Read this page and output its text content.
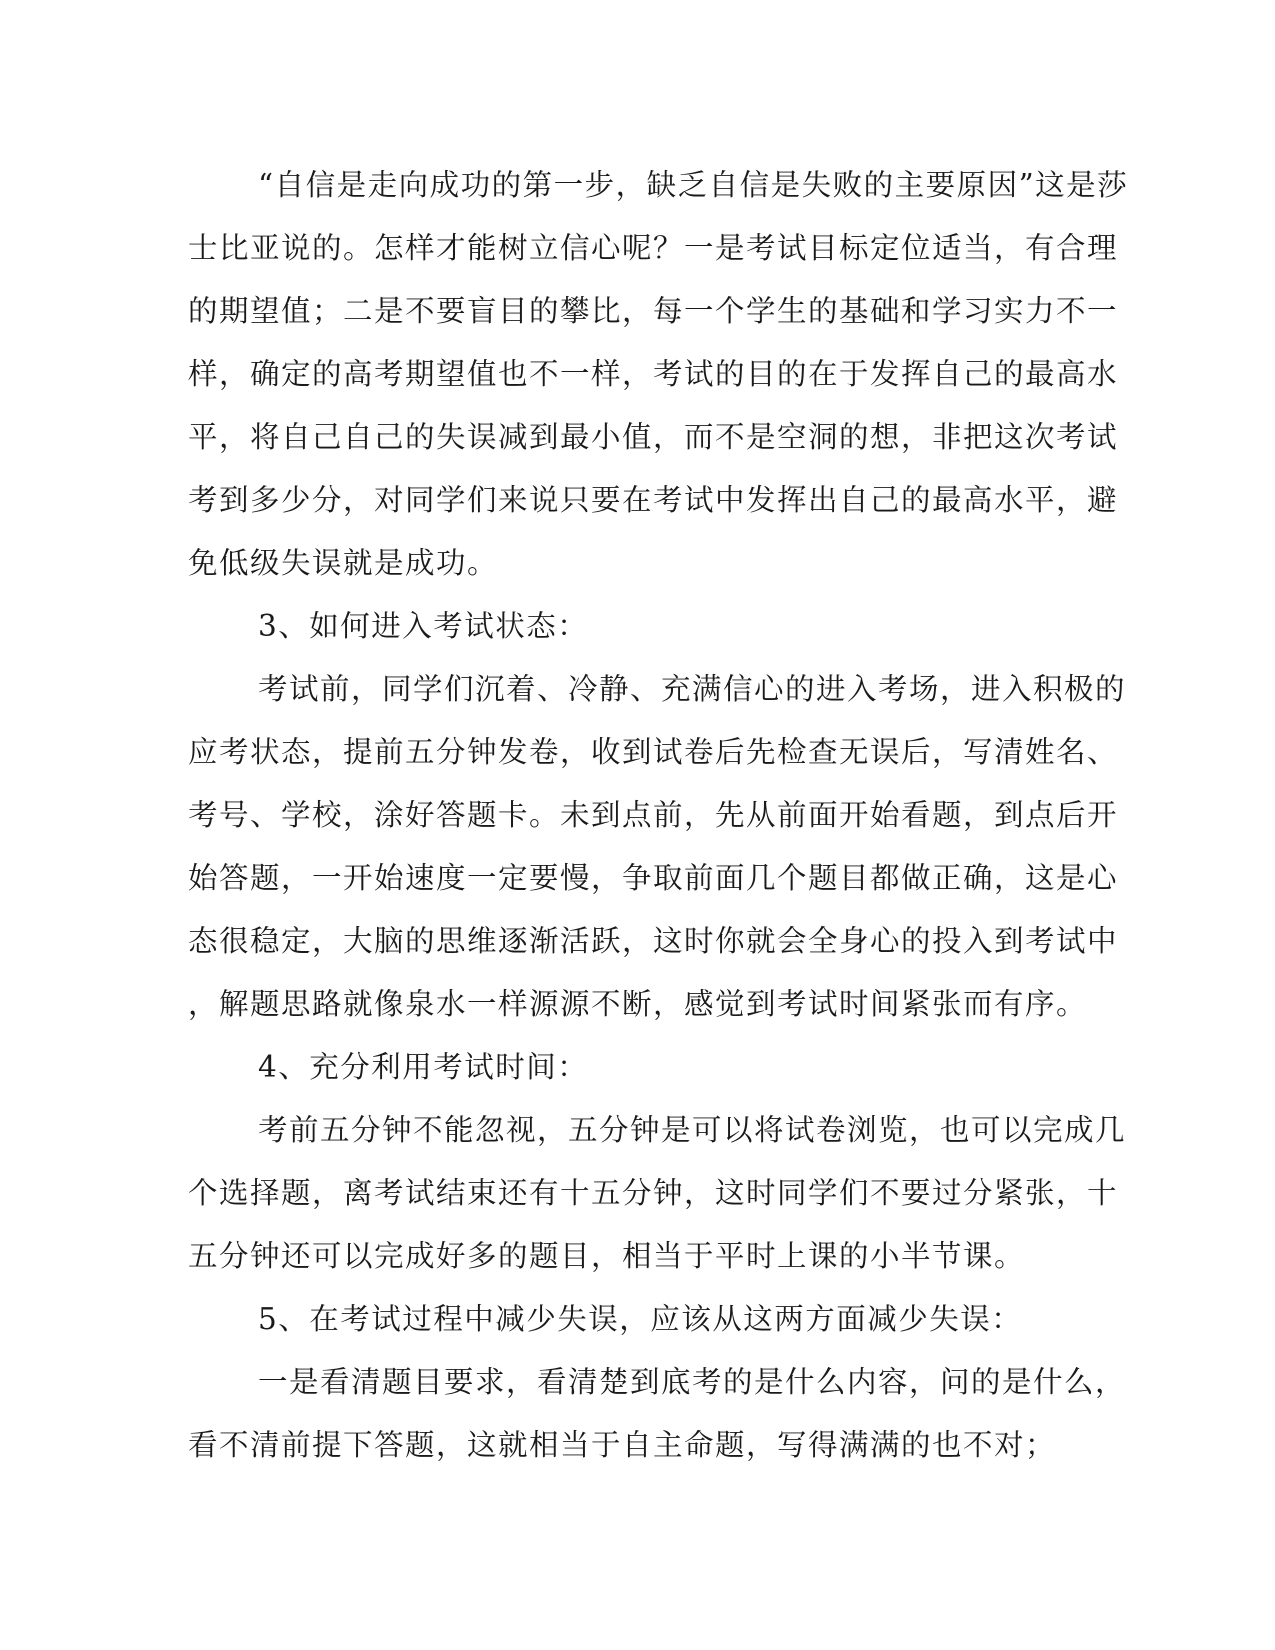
“自信是走向成功的第一步，缺乏自信是失败的主要原因”这是莎
士比亚说的。怎样才能树立信心呢？一是考试目标定位适当，有合理
的期望值；二是不要盲目的攀比，每一个学生的基础和学习实力不一
样，确定的高考期望值也不一样，考试的目的在于发挥自己的最高水
平，将自己自己的失误减到最小值，而不是空洞的想，非把这次考试
考到多少分，对同学们来说只要在考试中发挥出自己的最高水平，避
免低级失误就是成功。
3、如何进入考试状态：
考试前，同学们沉着、冷静、充满信心的进入考场，进入积极的
应考状态，提前五分钟发卷，收到试卷后先检查无误后，写清姓名、
考号、学校，涂好答题卡。未到点前，先从前面开始看题，到点后开
始答题，一开始速度一定要慢，争取前面几个题目都做正确，这是心
态很稳定，大脑的思维逐渐活跃，这时你就会全身心的投入到考试中
，解题思路就像泉水一样源源不断，感觉到考试时间紧张而有序。
4、充分利用考试时间：
考前五分钟不能忽视，五分钟是可以将试卷浏览，也可以完成几
个选择题，离考试结束还有十五分钟，这时同学们不要过分紧张，十
五分钟还可以完成好多的题目，相当于平时上课的小半节课。
5、在考试过程中减少失误，应该从这两方面减少失误：
一是看清题目要求，看清楚到底考的是什么内容，问的是什么，
看不清前提下答题，这就相当于自主命题，写得满满的也不对；
